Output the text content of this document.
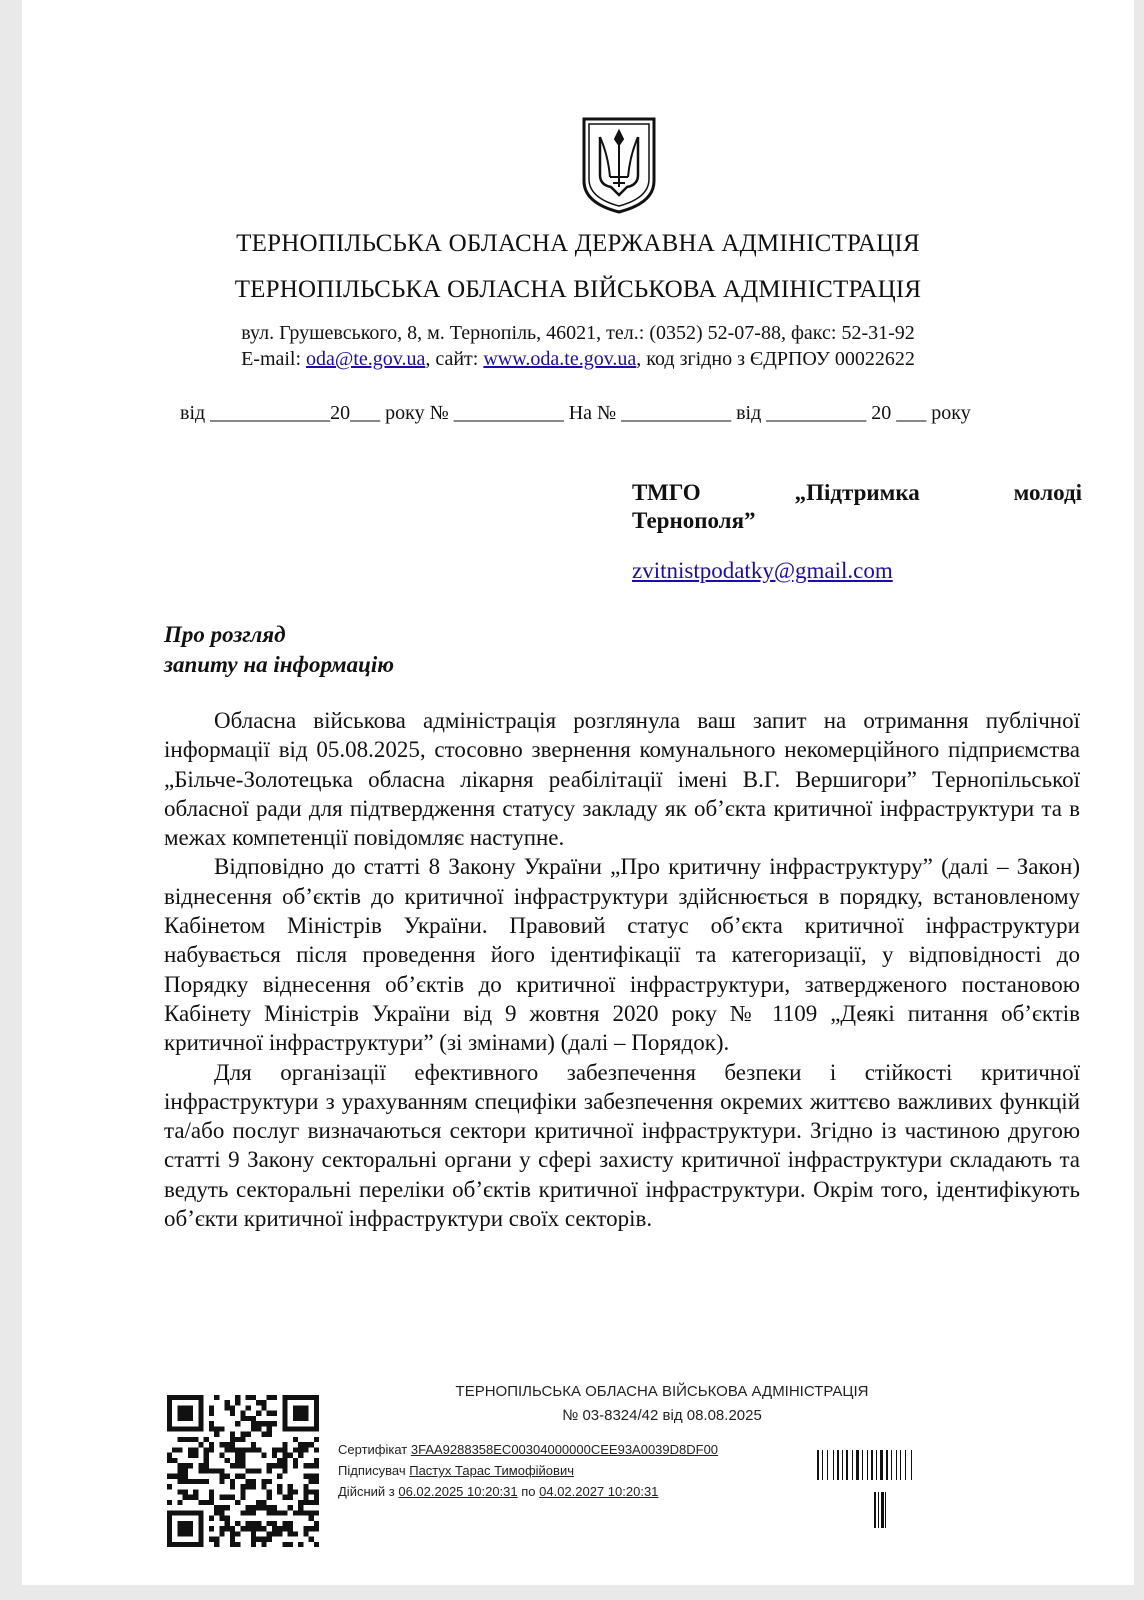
ТЕРНОПІЛЬСЬКА ОБЛАСНА ДЕРЖАВНА АДМІНІСТРАЦІЯ
ТЕРНОПІЛЬСЬКА ОБЛАСНА ВІЙСЬКОВА АДМІНІСТРАЦІЯ
вул. Грушевського, 8, м. Тернопіль, 46021, тел.: (0352) 52-07-88, факс: 52-31-92
E-mail: oda@te.gov.ua, сайт: www.oda.te.gov.ua, код згідно з ЄДРПОУ 00022622
від ____________20___ року № ___________ На № ___________ від __________ 20 ___ року
ТМГО „Підтримка молоді
Тернополя”
zvitnistpodatky@gmail.com
Про розгляд
запиту на інформацію

Обласна військова адміністрація розглянула ваш запит на отримання публічної інформації від 05.08.2025, стосовно звернення комунального некомерційного підприємства „Більче-Золотецька обласна лікарня реабілітації імені В.Г. Вершигори” Тернопільської обласної ради для підтвердження статусу закладу як об’єкта критичної інфраструктури та в межах компетенції повідомляє наступне.

Відповідно до статті 8 Закону України „Про критичну інфраструктуру” (далі – Закон) віднесення об’єктів до критичної інфраструктури здійснюється в порядку, встановленому Кабінетом Міністрів України. Правовий статус об’єкта критичної інфраструктури набувається після проведення його ідентифікації та категоризації, у відповідності до Порядку віднесення об’єктів до критичної інфраструктури, затвердженого постановою Кабінету Міністрів України від 9 жовтня 2020 року № 1109 „Деякі питання об’єктів критичної інфраструктури” (зі змінами) (далі – Порядок).

Для організації ефективного забезпечення безпеки і стійкості критичної інфраструктури з урахуванням специфіки забезпечення окремих життєво важливих функцій та/або послуг визначаються сектори критичної інфраструктури. Згідно із частиною другою статті 9 Закону секторальні органи у сфері захисту критичної інфраструктури складають та ведуть секторальні переліки об’єктів критичної інфраструктури. Окрім того, ідентифікують об’єкти критичної інфраструктури своїх секторів.

ТЕРНОПІЛЬСЬКА ОБЛАСНА ВІЙСЬКОВА АДМІНІСТРАЦІЯ
№ 03-8324/42 від 08.08.2025
Сертифікат 3FAA9288358EC00304000000CEE93A0039D8DF00
Підписувач Пастух Тарас Тимофійович
Дійсний з 06.02.2025 10:20:31 по 04.02.2027 10:20:31
